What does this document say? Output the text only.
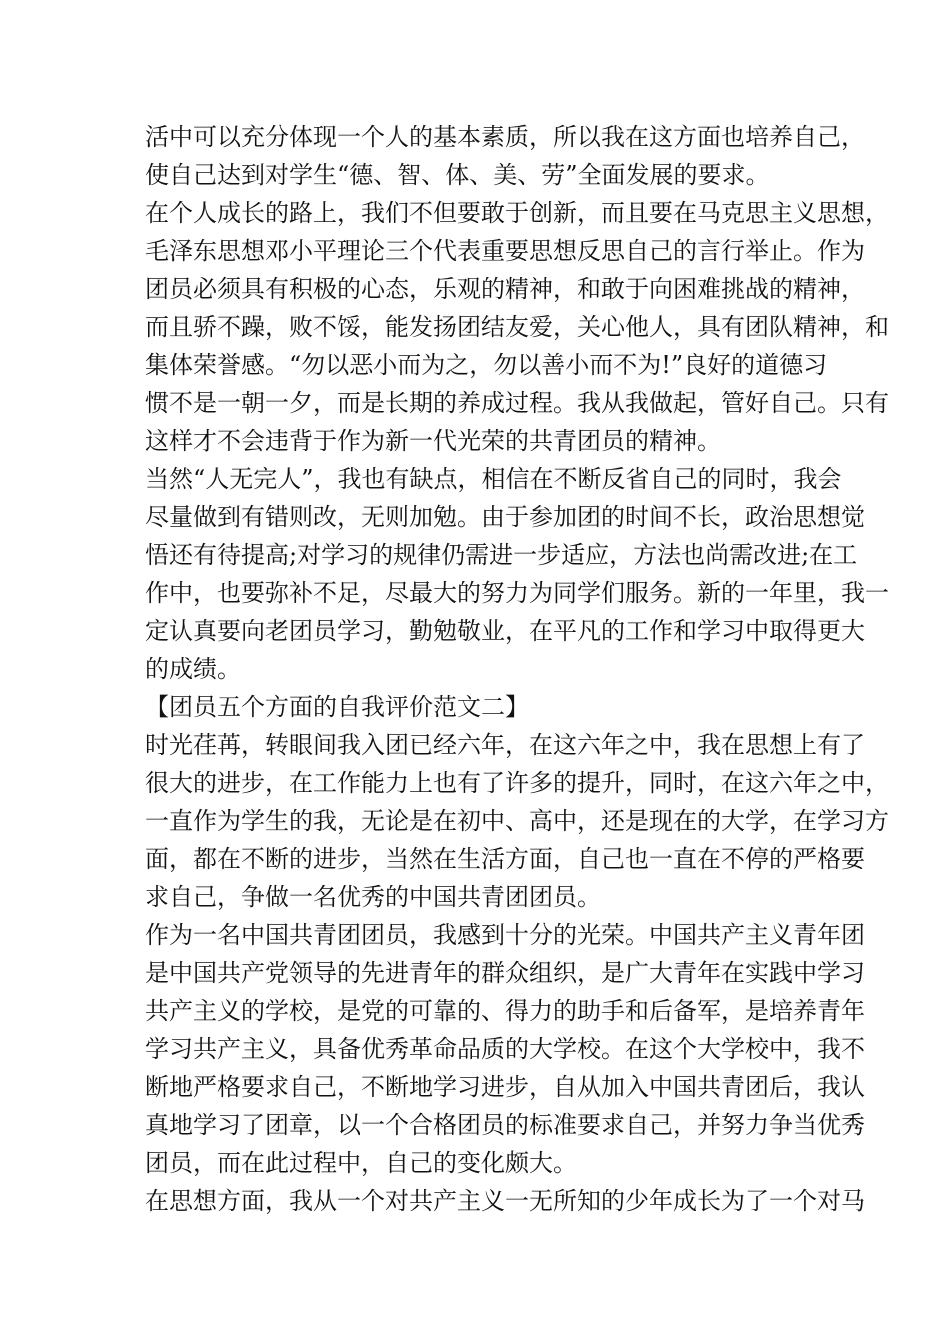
活中可以充分体现一个人的基本素质，所以我在这方面也培养自己，
使自己达到对学生“德、智、体、美、劳”全面发展的要求。
在个人成长的路上，我们不但要敢于创新，而且要在马克思主义思想，
毛泽东思想邓小平理论三个代表重要思想反思自己的言行举止。作为
团员必须具有积极的心态，乐观的精神，和敢于向困难挑战的精神，
而且骄不躁，败不馁，能发扬团结友爱，关心他人，具有团队精神，和
集体荣誉感。“勿以恶小而为之，勿以善小而不为!”良好的道德习
惯不是一朝一夕，而是长期的养成过程。我从我做起，管好自己。只有
这样才不会违背于作为新一代光荣的共青团员的精神。
当然“人无完人”，我也有缺点，相信在不断反省自己的同时，我会
尽量做到有错则改，无则加勉。由于参加团的时间不长，政治思想觉
悟还有待提高;对学习的规律仍需进一步适应，方法也尚需改进;在工
作中，也要弥补不足，尽最大的努力为同学们服务。新的一年里，我一
定认真要向老团员学习，勤勉敬业，在平凡的工作和学习中取得更大
的成绩。
【团员五个方面的自我评价范文二】
时光荏苒，转眼间我入团已经六年，在这六年之中，我在思想上有了
很大的进步，在工作能力上也有了许多的提升，同时，在这六年之中，
一直作为学生的我，无论是在初中、高中，还是现在的大学，在学习方
面，都在不断的进步，当然在生活方面，自己也一直在不停的严格要
求自己，争做一名优秀的中国共青团团员。
作为一名中国共青团团员，我感到十分的光荣。中国共产主义青年团
是中国共产党领导的先进青年的群众组织，是广大青年在实践中学习
共产主义的学校，是党的可靠的、得力的助手和后备军，是培养青年
学习共产主义，具备优秀革命品质的大学校。在这个大学校中，我不
断地严格要求自己，不断地学习进步，自从加入中国共青团后，我认
真地学习了团章，以一个合格团员的标准要求自己，并努力争当优秀
团员，而在此过程中，自己的变化颇大。
在思想方面，我从一个对共产主义一无所知的少年成长为了一个对马
